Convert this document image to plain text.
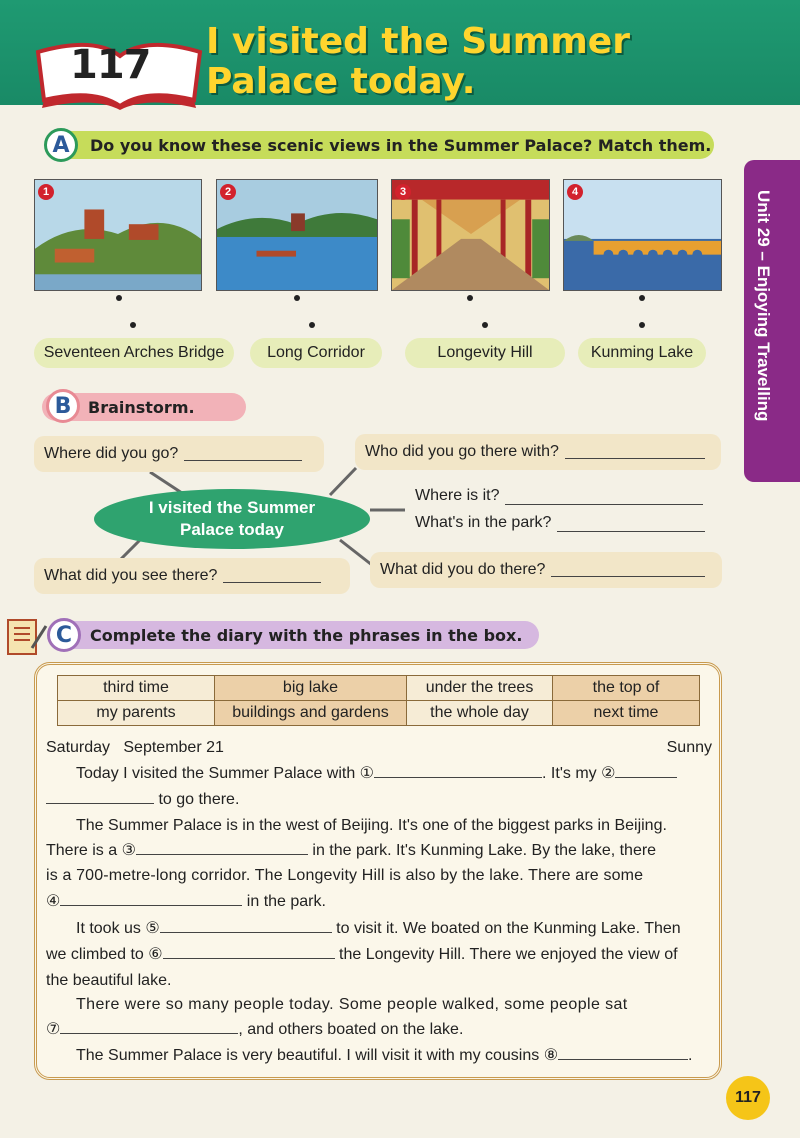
117
I visited the Summer
Palace today.
Unit 29 – Enjoying Travelling
Do you know these scenic views in the Summer Palace? Match them.
A
1	2	3	4
Seventeen Arches Bridge	Long Corridor	Longevity Hill	Kunming Lake
Brainstorm.
B
Where did you go?	Who did you go there with?
Where is it?
What's in the park?
I visited the Summer
Palace today
What did you see there?	What did you do there?
Complete the diary with the phrases in the box.
C
third time	big lake	under the trees	the top of
my parents	buildings and gardens	the whole day	next time
Saturday   September 21	Sunny
Today I visited the Summer Palace with ①	. It's my ②
to go there.
The Summer Palace is in the west of Beijing. It's one of the biggest parks in Beijing.
There is a ③	in the park. It's Kunming Lake. By the lake, there
is a 700-metre-long corridor. The Longevity Hill is also by the lake. There are some
④	in the park.
It took us ⑤	to visit it. We boated on the Kunming Lake. Then
we climbed to ⑥	the Longevity Hill. There we enjoyed the view of
the beautiful lake.
There were so many people today. Some people walked, some people sat
⑦	, and others boated on the lake.
The Summer Palace is very beautiful. I will visit it with my cousins ⑧	.
117
